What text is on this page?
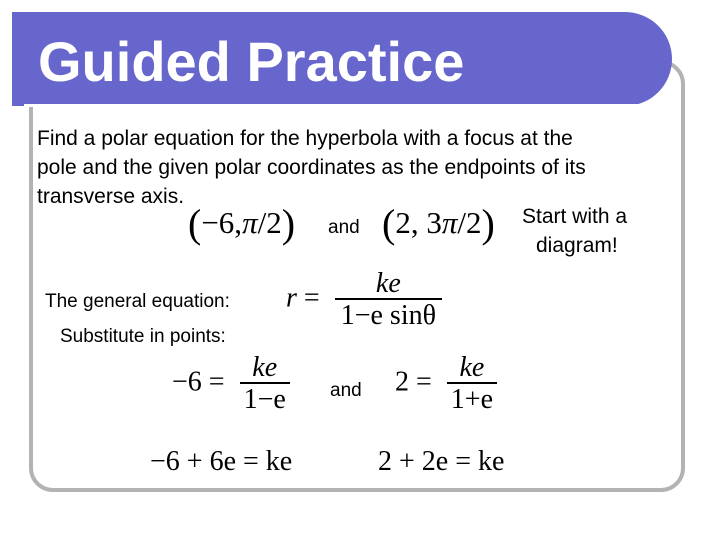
Guided Practice
Find a polar equation for the hyperbola with a focus at the
pole and the given polar coordinates as the endpoints of its
transverse axis.
(−6,π/2) and (2, 3π/2) Start with a
diagram!
The general equation:
Substitute in points:
$r = \frac{ke}{\text{1−e sinθ}}$
$-6 = \frac{ke}{1-e}$ and $2 = \frac{ke}{1+e}$
−6 + 6e = ke	2 + 2e = ke
